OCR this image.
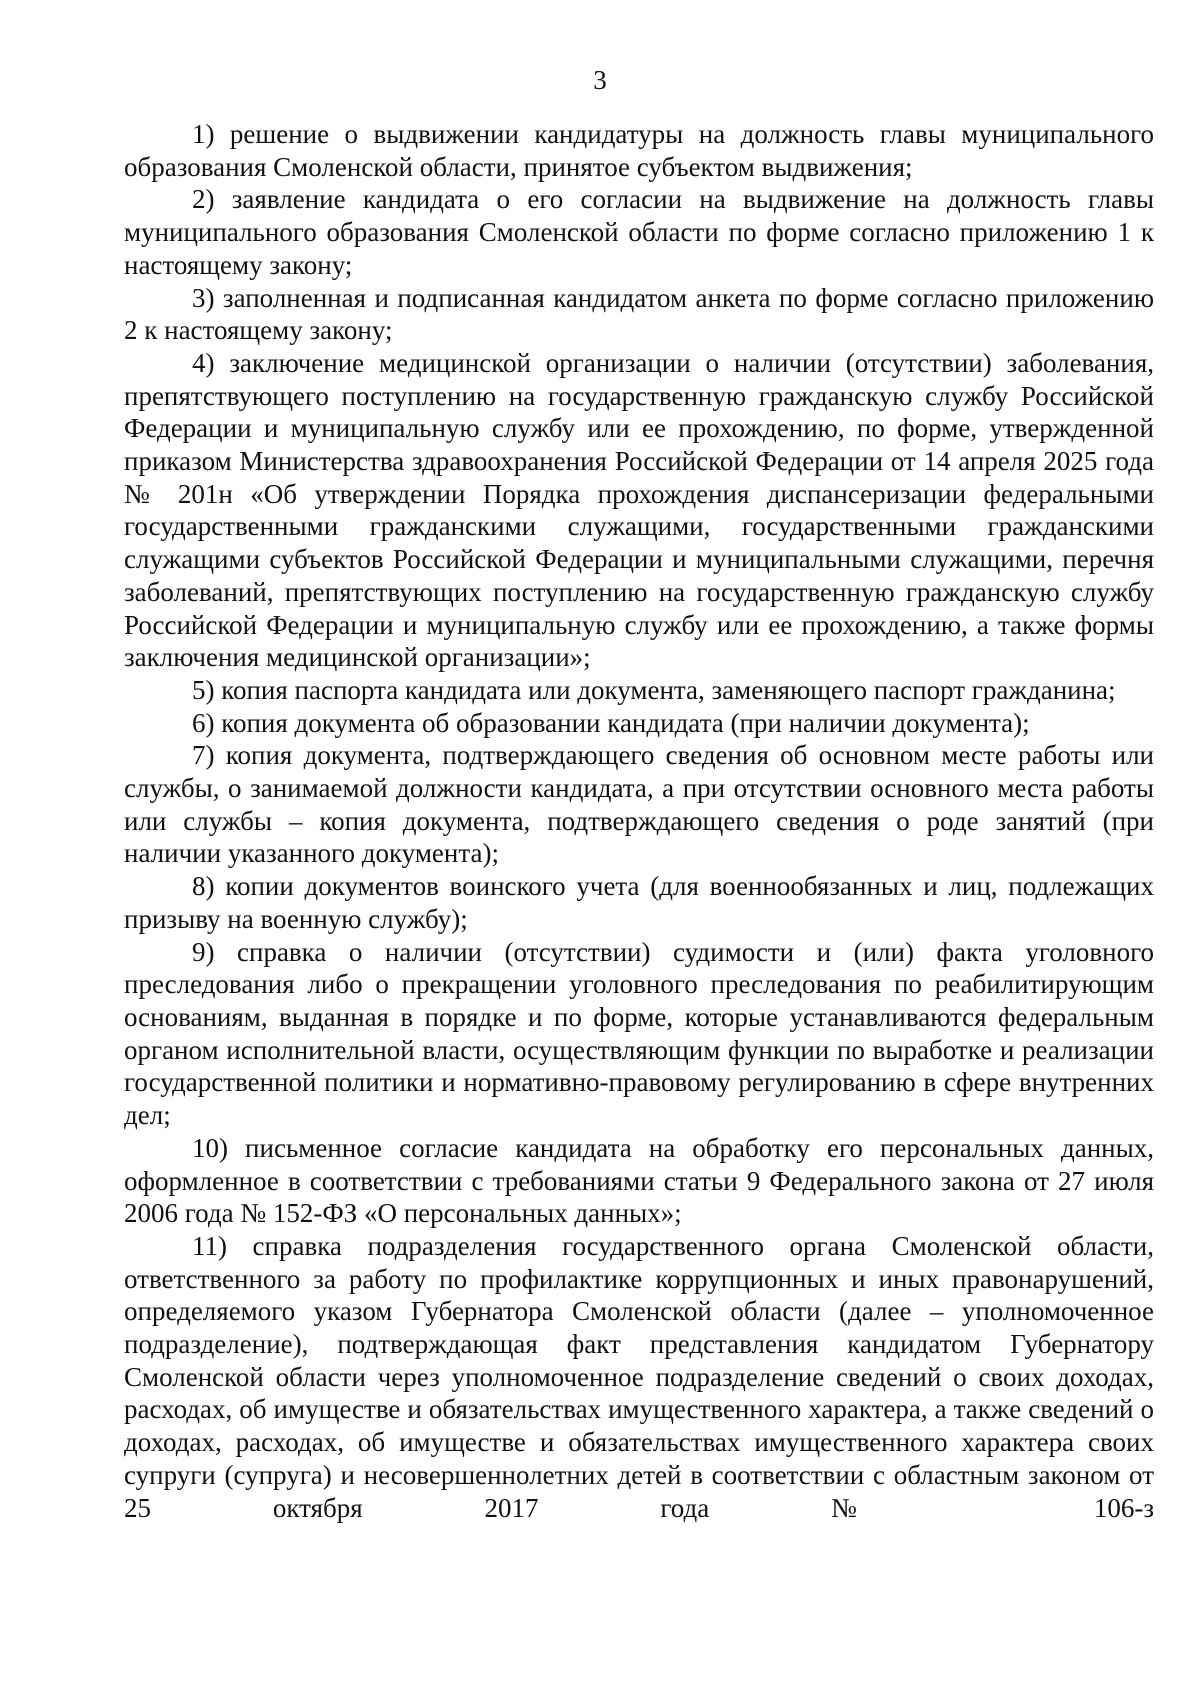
3

1) решение о выдвижении кандидатуры на должность главы муниципального образования Смоленской области, принятое субъектом выдвижения;

2) заявление кандидата о его согласии на выдвижение на должность главы муниципального образования Смоленской области по форме согласно приложению 1 к настоящему закону;

3) заполненная и подписанная кандидатом анкета по форме согласно приложению 2 к настоящему закону;

4) заключение медицинской организации о наличии (отсутствии) заболевания, препятствующего поступлению на государственную гражданскую службу Российской Федерации и муниципальную службу или ее прохождению, по форме, утвержденной приказом Министерства здравоохранения Российской Федерации от 14 апреля 2025 года № 201н «Об утверждении Порядка прохождения диспансеризации федеральными государственными гражданскими служащими, государственными гражданскими служащими субъектов Российской Федерации и муниципальными служащими, перечня заболеваний, препятствующих поступлению на государственную гражданскую службу Российской Федерации и муниципальную службу или ее прохождению, а также формы заключения медицинской организации»;

5) копия паспорта кандидата или документа, заменяющего паспорт гражданина;

6) копия документа об образовании кандидата (при наличии документа);

7) копия документа, подтверждающего сведения об основном месте работы или службы, о занимаемой должности кандидата, а при отсутствии основного места работы или службы – копия документа, подтверждающего сведения о роде занятий (при наличии указанного документа);

8) копии документов воинского учета (для военнообязанных и лиц, подлежащих призыву на военную службу);

9) справка о наличии (отсутствии) судимости и (или) факта уголовного преследования либо о прекращении уголовного преследования по реабилитирующим основаниям, выданная в порядке и по форме, которые устанавливаются федеральным органом исполнительной власти, осуществляющим функции по выработке и реализации государственной политики и нормативно-правовому регулированию в сфере внутренних дел;

10) письменное согласие кандидата на обработку его персональных данных, оформленное в соответствии с требованиями статьи 9 Федерального закона от 27 июля 2006 года № 152-ФЗ «О персональных данных»;

11) справка подразделения государственного органа Смоленской области, ответственного за работу по профилактике коррупционных и иных правонарушений, определяемого указом Губернатора Смоленской области (далее – уполномоченное подразделение), подтверждающая факт представления кандидатом Губернатору Смоленской области через уполномоченное подразделение сведений о своих доходах, расходах, об имуществе и обязательствах имущественного характера, а также сведений о доходах, расходах, об имуществе и обязательствах имущественного характера своих супруги (супруга) и несовершеннолетних детей в соответствии с областным законом от 25 октября 2017 года № 106-з
